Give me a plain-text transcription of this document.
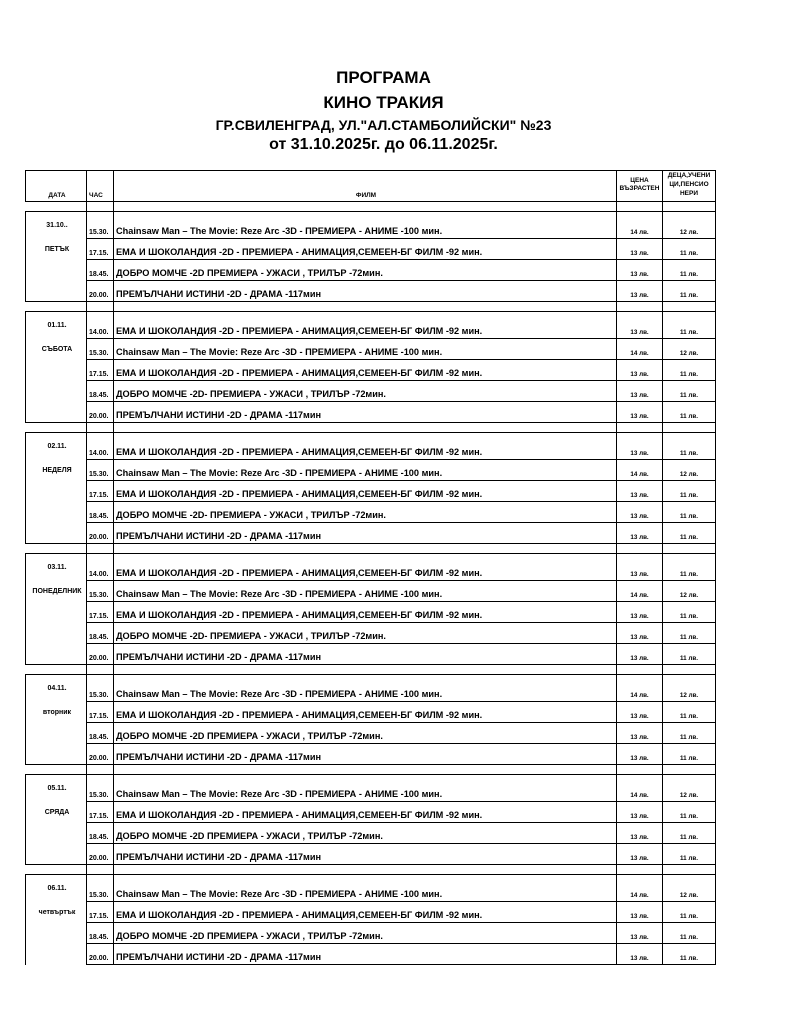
ПРОГРАМА
КИНО ТРАКИЯ
ГР.СВИЛЕНГРАД, УЛ."АЛ.СТАМБОЛИЙСКИ" №23
от 31.10.2025г. до 06.11.2025г.
ДАТА	ЧАС	ФИЛМ	ЦЕНА ВЪЗРАСТЕН	ДЕЦА,УЧЕНИ ЦИ,ПЕНСИО НЕРИ

31.10..	15.30.	Chainsaw Man – The Movie: Reze Arc -3D - ПРЕМИЕРА - АНИМЕ -100 мин.	14 лв.	12 лв.
ПЕТЪК	17.15.	ЕМА И ШОКОЛАНДИЯ -2D - ПРЕМИЕРА - АНИМАЦИЯ,СЕМЕЕН-БГ ФИЛМ -92 мин.	13 лв.	11 лв.
	18.45.	ДОБРО МОМЧЕ -2D ПРЕМИЕРА - УЖАСИ , ТРИЛЪР -72мин.	13 лв.	11 лв.
	20.00.	ПРЕМЪЛЧАНИ ИСТИНИ -2D - ДРАМА -117мин	13 лв.	11 лв.

01.11.	14.00.	ЕМА И ШОКОЛАНДИЯ -2D - ПРЕМИЕРА - АНИМАЦИЯ,СЕМЕЕН-БГ ФИЛМ -92 мин.	13 лв.	11 лв.
СЪБОТА	15.30.	Chainsaw Man – The Movie: Reze Arc -3D - ПРЕМИЕРА - АНИМЕ -100 мин.	14 лв.	12 лв.
	17.15.	ЕМА И ШОКОЛАНДИЯ -2D - ПРЕМИЕРА - АНИМАЦИЯ,СЕМЕЕН-БГ ФИЛМ -92 мин.	13 лв.	11 лв.
	18.45.	ДОБРО МОМЧЕ -2D- ПРЕМИЕРА - УЖАСИ , ТРИЛЪР -72мин.	13 лв.	11 лв.
	20.00.	ПРЕМЪЛЧАНИ ИСТИНИ -2D - ДРАМА -117мин	13 лв.	11 лв.

02.11.	14.00.	ЕМА И ШОКОЛАНДИЯ -2D - ПРЕМИЕРА - АНИМАЦИЯ,СЕМЕЕН-БГ ФИЛМ -92 мин.	13 лв.	11 лв.
НЕДЕЛЯ	15.30.	Chainsaw Man – The Movie: Reze Arc -3D - ПРЕМИЕРА - АНИМЕ -100 мин.	14 лв.	12 лв.
	17.15.	ЕМА И ШОКОЛАНДИЯ -2D - ПРЕМИЕРА - АНИМАЦИЯ,СЕМЕЕН-БГ ФИЛМ -92 мин.	13 лв.	11 лв.
	18.45.	ДОБРО МОМЧЕ -2D- ПРЕМИЕРА - УЖАСИ , ТРИЛЪР -72мин.	13 лв.	11 лв.
	20.00.	ПРЕМЪЛЧАНИ ИСТИНИ -2D - ДРАМА -117мин	13 лв.	11 лв.

03.11.	14.00.	ЕМА И ШОКОЛАНДИЯ -2D - ПРЕМИЕРА - АНИМАЦИЯ,СЕМЕЕН-БГ ФИЛМ -92 мин.	13 лв.	11 лв.
ПОНЕДЕЛНИК	15.30.	Chainsaw Man – The Movie: Reze Arc -3D - ПРЕМИЕРА - АНИМЕ -100 мин.	14 лв.	12 лв.
	17.15.	ЕМА И ШОКОЛАНДИЯ -2D - ПРЕМИЕРА - АНИМАЦИЯ,СЕМЕЕН-БГ ФИЛМ -92 мин.	13 лв.	11 лв.
	18.45.	ДОБРО МОМЧЕ -2D- ПРЕМИЕРА - УЖАСИ , ТРИЛЪР -72мин.	13 лв.	11 лв.
	20.00.	ПРЕМЪЛЧАНИ ИСТИНИ -2D - ДРАМА -117мин	13 лв.	11 лв.

04.11.	15.30.	Chainsaw Man – The Movie: Reze Arc -3D - ПРЕМИЕРА - АНИМЕ -100 мин.	14 лв.	12 лв.
вторник	17.15.	ЕМА И ШОКОЛАНДИЯ -2D - ПРЕМИЕРА - АНИМАЦИЯ,СЕМЕЕН-БГ ФИЛМ -92 мин.	13 лв.	11 лв.
	18.45.	ДОБРО МОМЧЕ -2D ПРЕМИЕРА - УЖАСИ , ТРИЛЪР -72мин.	13 лв.	11 лв.
	20.00.	ПРЕМЪЛЧАНИ ИСТИНИ -2D - ДРАМА -117мин	13 лв.	11 лв.

05.11.	15.30.	Chainsaw Man – The Movie: Reze Arc -3D - ПРЕМИЕРА - АНИМЕ -100 мин.	14 лв.	12 лв.
СРЯДА	17.15.	ЕМА И ШОКОЛАНДИЯ -2D - ПРЕМИЕРА - АНИМАЦИЯ,СЕМЕЕН-БГ ФИЛМ -92 мин.	13 лв.	11 лв.
	18.45.	ДОБРО МОМЧЕ -2D ПРЕМИЕРА - УЖАСИ , ТРИЛЪР -72мин.	13 лв.	11 лв.
	20.00.	ПРЕМЪЛЧАНИ ИСТИНИ -2D - ДРАМА -117мин	13 лв.	11 лв.

06.11.	15.30.	Chainsaw Man – The Movie: Reze Arc -3D - ПРЕМИЕРА - АНИМЕ -100 мин.	14 лв.	12 лв.
четвъртък	17.15.	ЕМА И ШОКОЛАНДИЯ -2D - ПРЕМИЕРА - АНИМАЦИЯ,СЕМЕЕН-БГ ФИЛМ -92 мин.	13 лв.	11 лв.
	18.45.	ДОБРО МОМЧЕ -2D ПРЕМИЕРА - УЖАСИ , ТРИЛЪР -72мин.	13 лв.	11 лв.
	20.00.	ПРЕМЪЛЧАНИ ИСТИНИ -2D - ДРАМА -117мин	13 лв.	11 лв.
